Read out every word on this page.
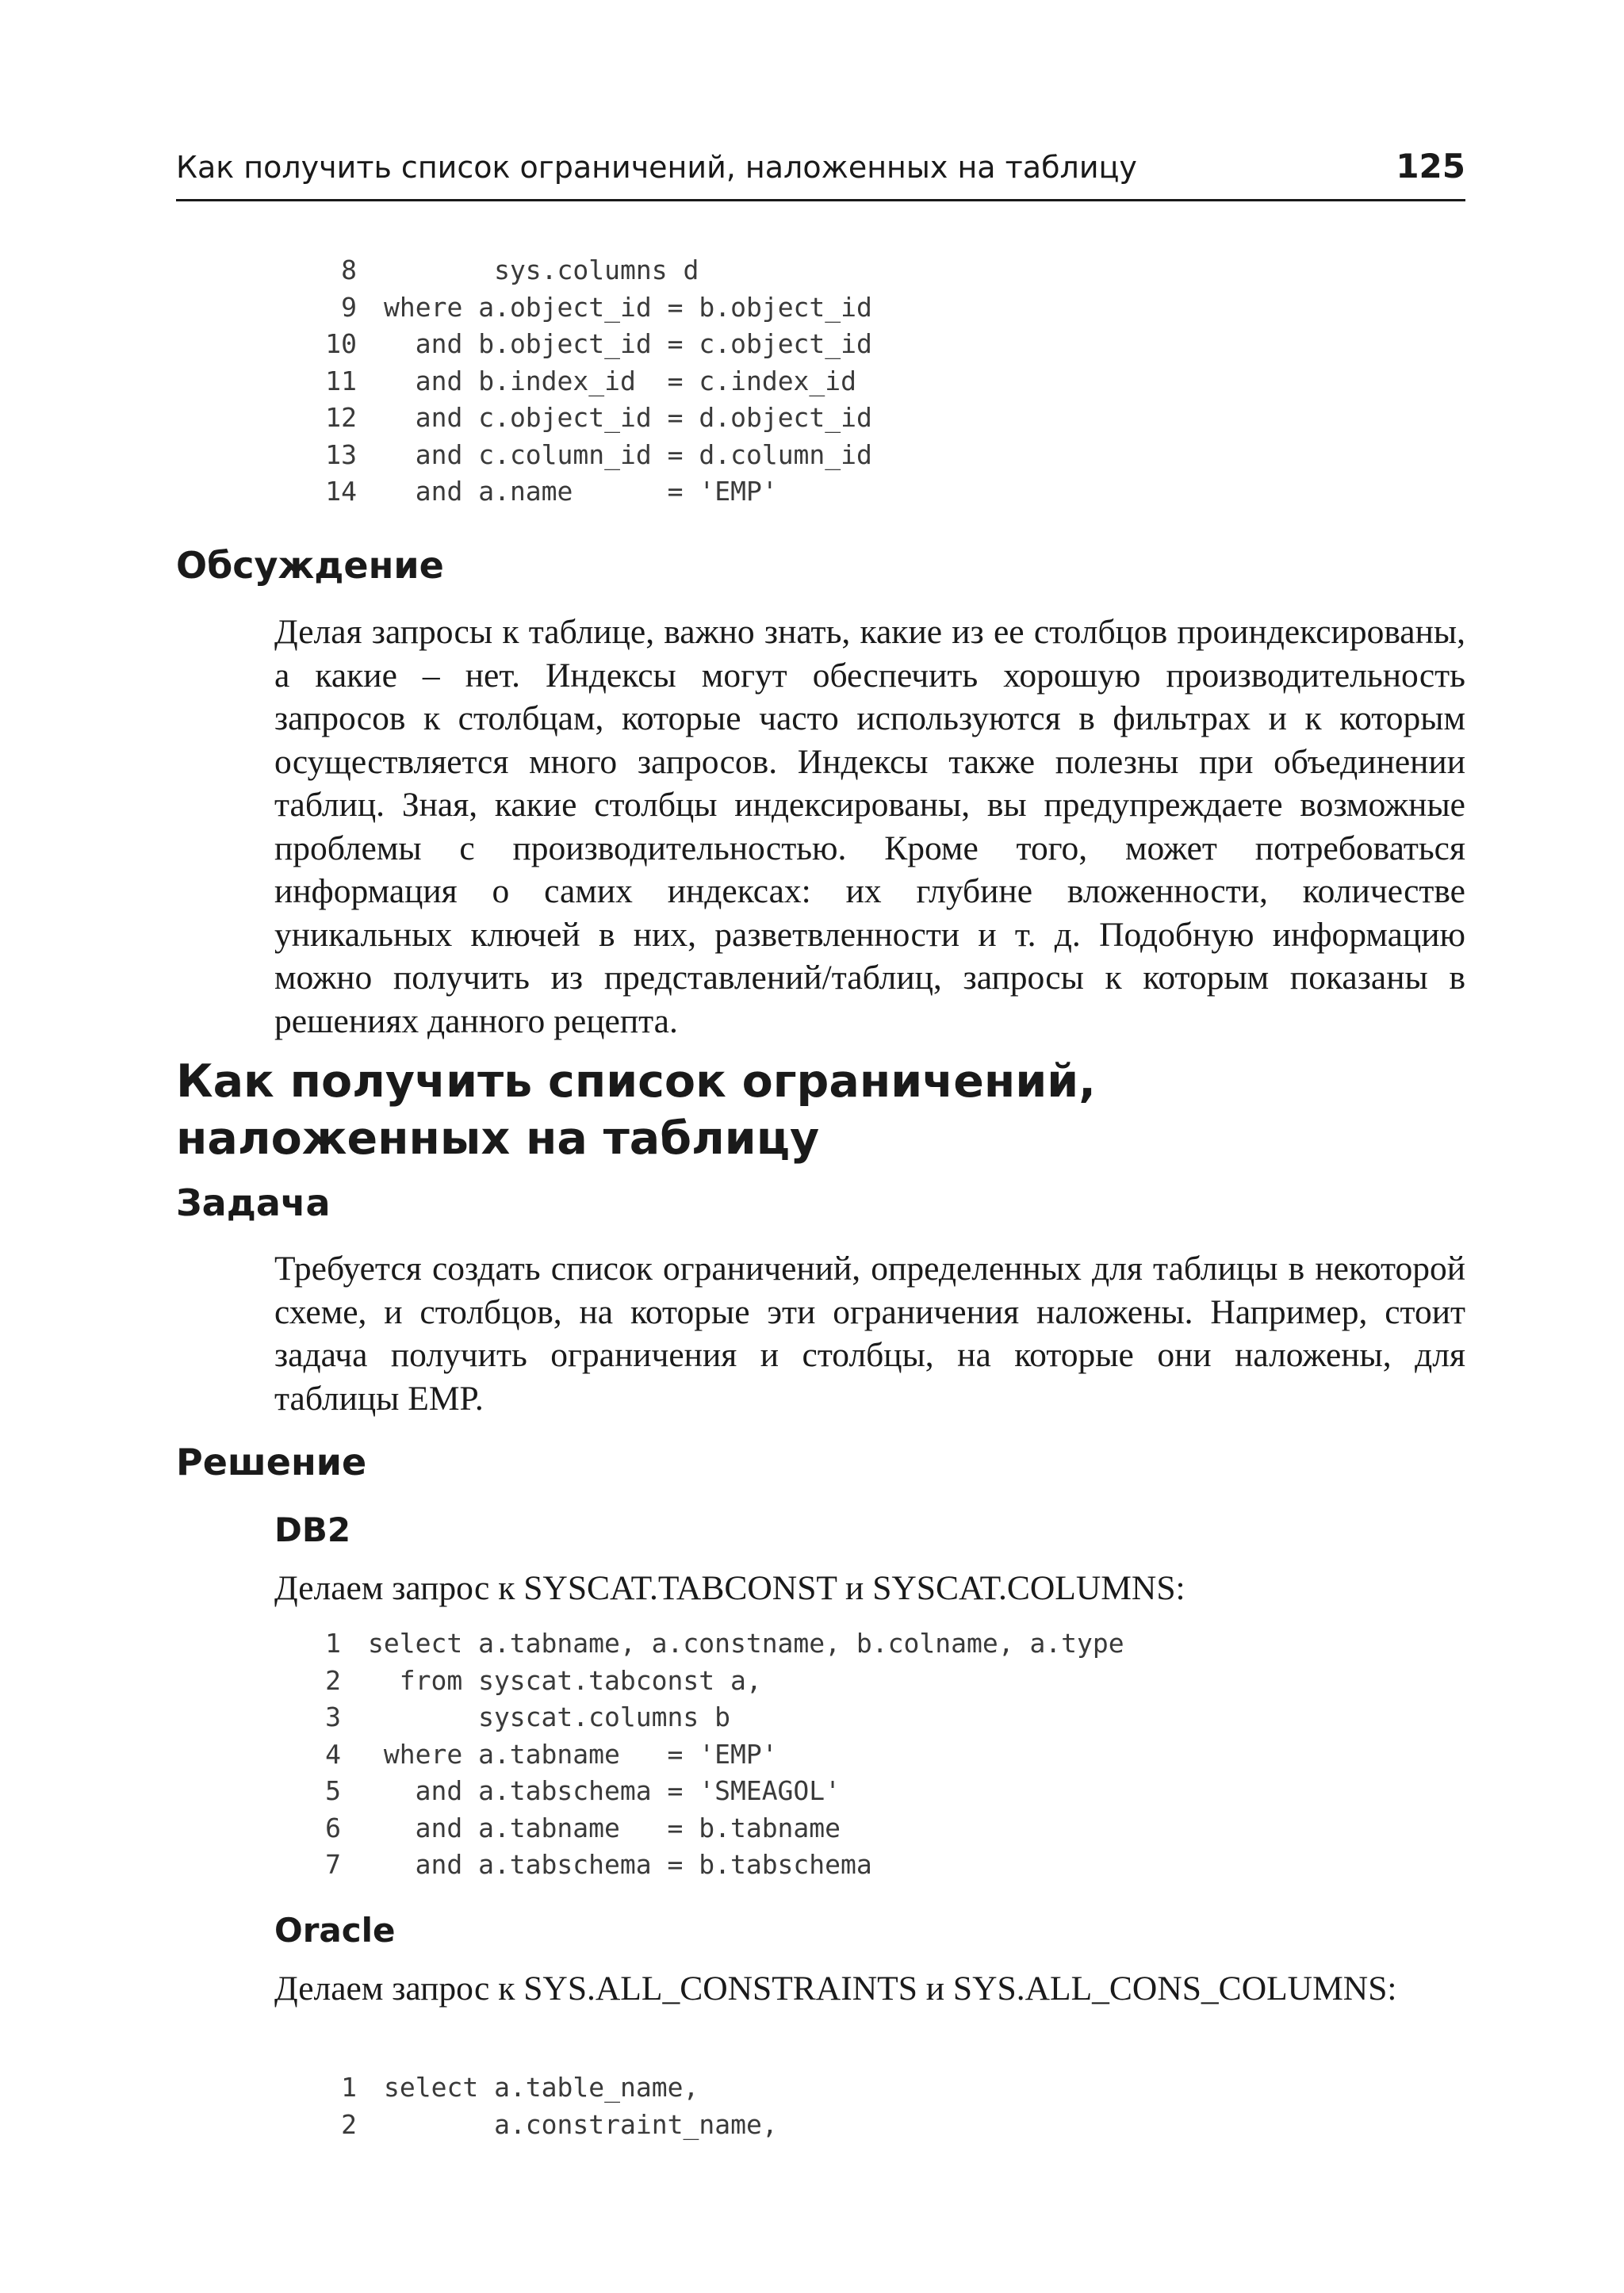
Как получить список ограничений, наложенных на таблицу	125
8 sys.columns d
9 where a.object_id = b.object_id
10 and b.object_id = c.object_id
11 and b.index_id  = c.index_id
12 and c.object_id = d.object_id
13 and c.column_id = d.column_id
14 and a.name      = 'EMP'
Обсуждение
Делая запросы к таблице, важно знать, какие из ее столбцов проиндексированы, а какие – нет. Индексы могут обеспечить хорошую производительность запросов к столбцам, которые часто используются в фильтрах и к которым осуществляется много запросов. Индексы также полезны при объединении таблиц. Зная, какие столбцы индексированы, вы предупреждаете возможные проблемы с производительностью. Кроме того, может потребоваться информация о самих индексах: их глубине вложенности, количестве уникальных ключей в них, разветвленности и т. д. Подобную информацию можно получить из представлений/таблиц, запросы к которым показаны в решениях данного рецепта.
Как получить список ограничений,
наложенных на таблицу
Задача
Требуется создать список ограничений, определенных для таблицы в некоторой схеме, и столбцов, на которые эти ограничения наложены. Например, стоит задача получить ограничения и столбцы, на которые они наложены, для таблицы EMP.
Решение
DB2
Делаем запрос к SYSCAT.TABCONST и SYSCAT.COLUMNS:
1 select a.tabname, a.constname, b.colname, a.type
2 from syscat.tabconst a,
3 syscat.columns b
4 where a.tabname   = 'EMP'
5 and a.tabschema = 'SMEAGOL'
6 and a.tabname   = b.tabname
7 and a.tabschema = b.tabschema
Oracle
Делаем запрос к SYS.ALL_CONSTRAINTS и SYS.ALL_CONS_COLUMNS:
1 select a.table_name,
2 a.constraint_name,
